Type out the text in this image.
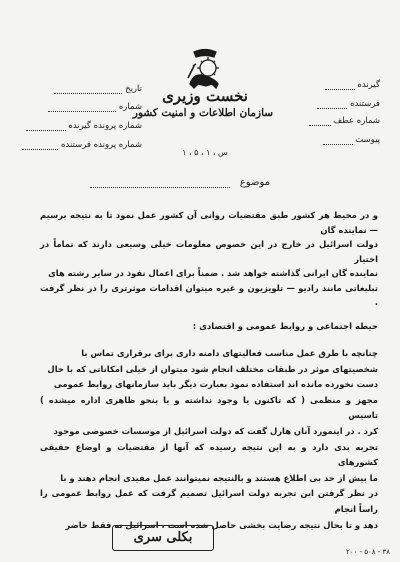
نخست وزیری
سازمان اطلاعات و امنیت کشور
س ، ۱ ، ۵ ، ۱
تاریخ
شماره
شماره پرونده گیرنده
شماره پرونده فرستنده
گیرنده
فرستنده
شماره عطف
پیوست
موضوع

و در محیط هر کشور طبق مقتضیات روانی آن کشور عمل نمود تا به نتیجه برسیم — نماینده گان

دولت اسرائیل در خارج در این خصوص معلومات خیلی وسیعی دارند که تماماً در اختیار

نماینده گان ایرانی گذاشته خواهد شد . ضمناً برای اعمال نفوذ در سایر رشته های

تبلیغاتی مانند رادیو — تلویزیون و غیره میتوان اقدامات موثرتری را در نظر گرفت .

حیطه اجتماعی و روابط عمومی و اقتصادی :

چنانچه با طرق عمل مناسب فعالیتهای دامنه داری برای برقراری تماس با

شخصیتهای موثر در طبقات مختلف انجام شود میتوان از خیلی امکاناتی که با حال

دست نخورده مانده اند استفاده نمود بعبارت دیگر باید سازمانهای روابط عمومی

مجهز و منظمی ( که تاکنون یا وجود نداشته و یا بنحو ظاهری اداره میشده ) تاسیس

کرد . در اینمورد آنان هارل گفت که دولت اسرائیل از موسسات خصوصی موجود

تجربه بدی دارد و به این نتیجه رسیده که آنها از مقتضیات و اوضاع حقیقی کشورهای

ما بیش از حد بی اطلاع هستند و بالنتیجه نمیتوانند عمل مفیدی انجام دهند و با

در نظر گرفتن این تجربه دولت اسرائیل تصمیم گرفت که عمل روابط عمومی را راساً انجام

دهد و تا بحال نتیجه رضایت بخشی حاصل شده است ، اسرائیل نه فقط حاضر

بکلی سری
۳۸ - ۵۰۸ - ۲۰۰
